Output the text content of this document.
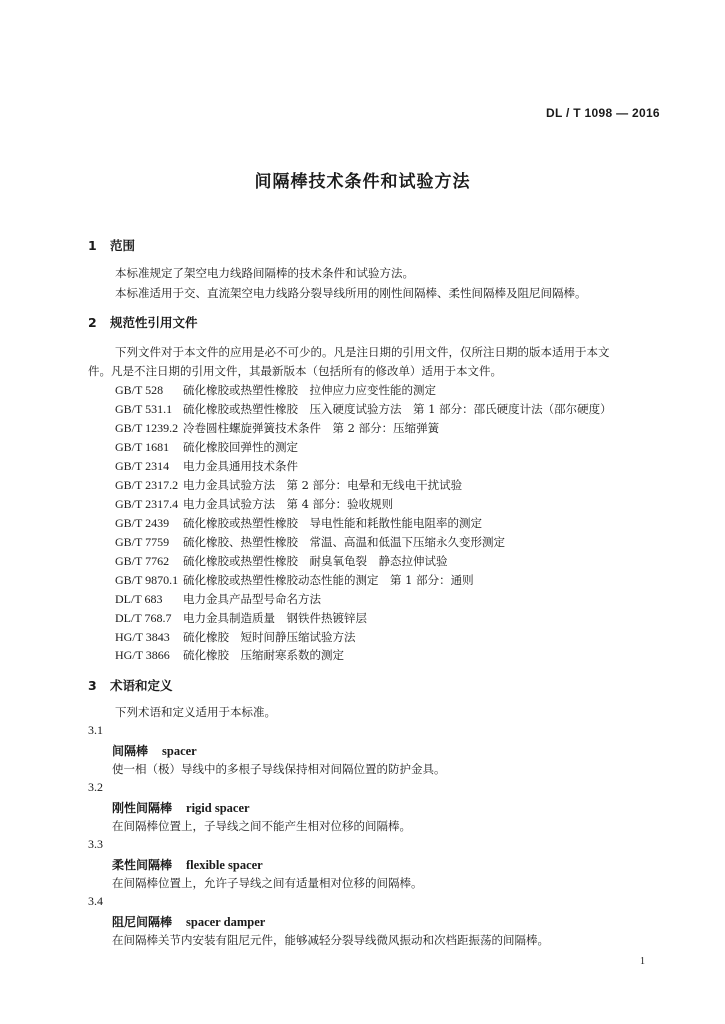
DL / T 1098 — 2016
间隔棒技术条件和试验方法
1 范围
本标准规定了架空电力线路间隔棒的技术条件和试验方法。
本标准适用于交、直流架空电力线路分裂导线所用的刚性间隔棒、柔性间隔棒及阻尼间隔棒。
2 规范性引用文件
下列文件对于本文件的应用是必不可少的。凡是注日期的引用文件，仅所注日期的版本适用于本文
件。凡是不注日期的引用文件，其最新版本（包括所有的修改单）适用于本文件。
GB/T 528 硫化橡胶或热塑性橡胶　拉伸应力应变性能的测定
GB/T 531.1 硫化橡胶或热塑性橡胶　压入硬度试验方法　第 1 部分：邵氏硬度计法（邵尔硬度）
GB/T 1239.2 冷卷圆柱螺旋弹簧技术条件　第 2 部分：压缩弹簧
GB/T 1681 硫化橡胶回弹性的测定
GB/T 2314 电力金具通用技术条件
GB/T 2317.2 电力金具试验方法　第 2 部分：电晕和无线电干扰试验
GB/T 2317.4 电力金具试验方法　第 4 部分：验收规则
GB/T 2439 硫化橡胶或热塑性橡胶　导电性能和耗散性能电阻率的测定
GB/T 7759 硫化橡胶、热塑性橡胶　常温、高温和低温下压缩永久变形测定
GB/T 7762 硫化橡胶或热塑性橡胶　耐臭氧龟裂　静态拉伸试验
GB/T 9870.1 硫化橡胶或热塑性橡胶动态性能的测定　第 1 部分：通则
DL/T 683 电力金具产品型号命名方法
DL/T 768.7 电力金具制造质量　钢铁件热镀锌层
HG/T 3843 硫化橡胶　短时间静压缩试验方法
HG/T 3866 硫化橡胶　压缩耐寒系数的测定
3 术语和定义
下列术语和定义适用于本标准。
3.1
间隔棒 spacer
使一相（极）导线中的多根子导线保持相对间隔位置的防护金具。
3.2
刚性间隔棒 rigid spacer
在间隔棒位置上，子导线之间不能产生相对位移的间隔棒。
3.3
柔性间隔棒 flexible spacer
在间隔棒位置上，允许子导线之间有适量相对位移的间隔棒。
3.4
阻尼间隔棒 spacer damper
在间隔棒关节内安装有阻尼元件，能够减轻分裂导线微风振动和次档距振荡的间隔棒。
1
